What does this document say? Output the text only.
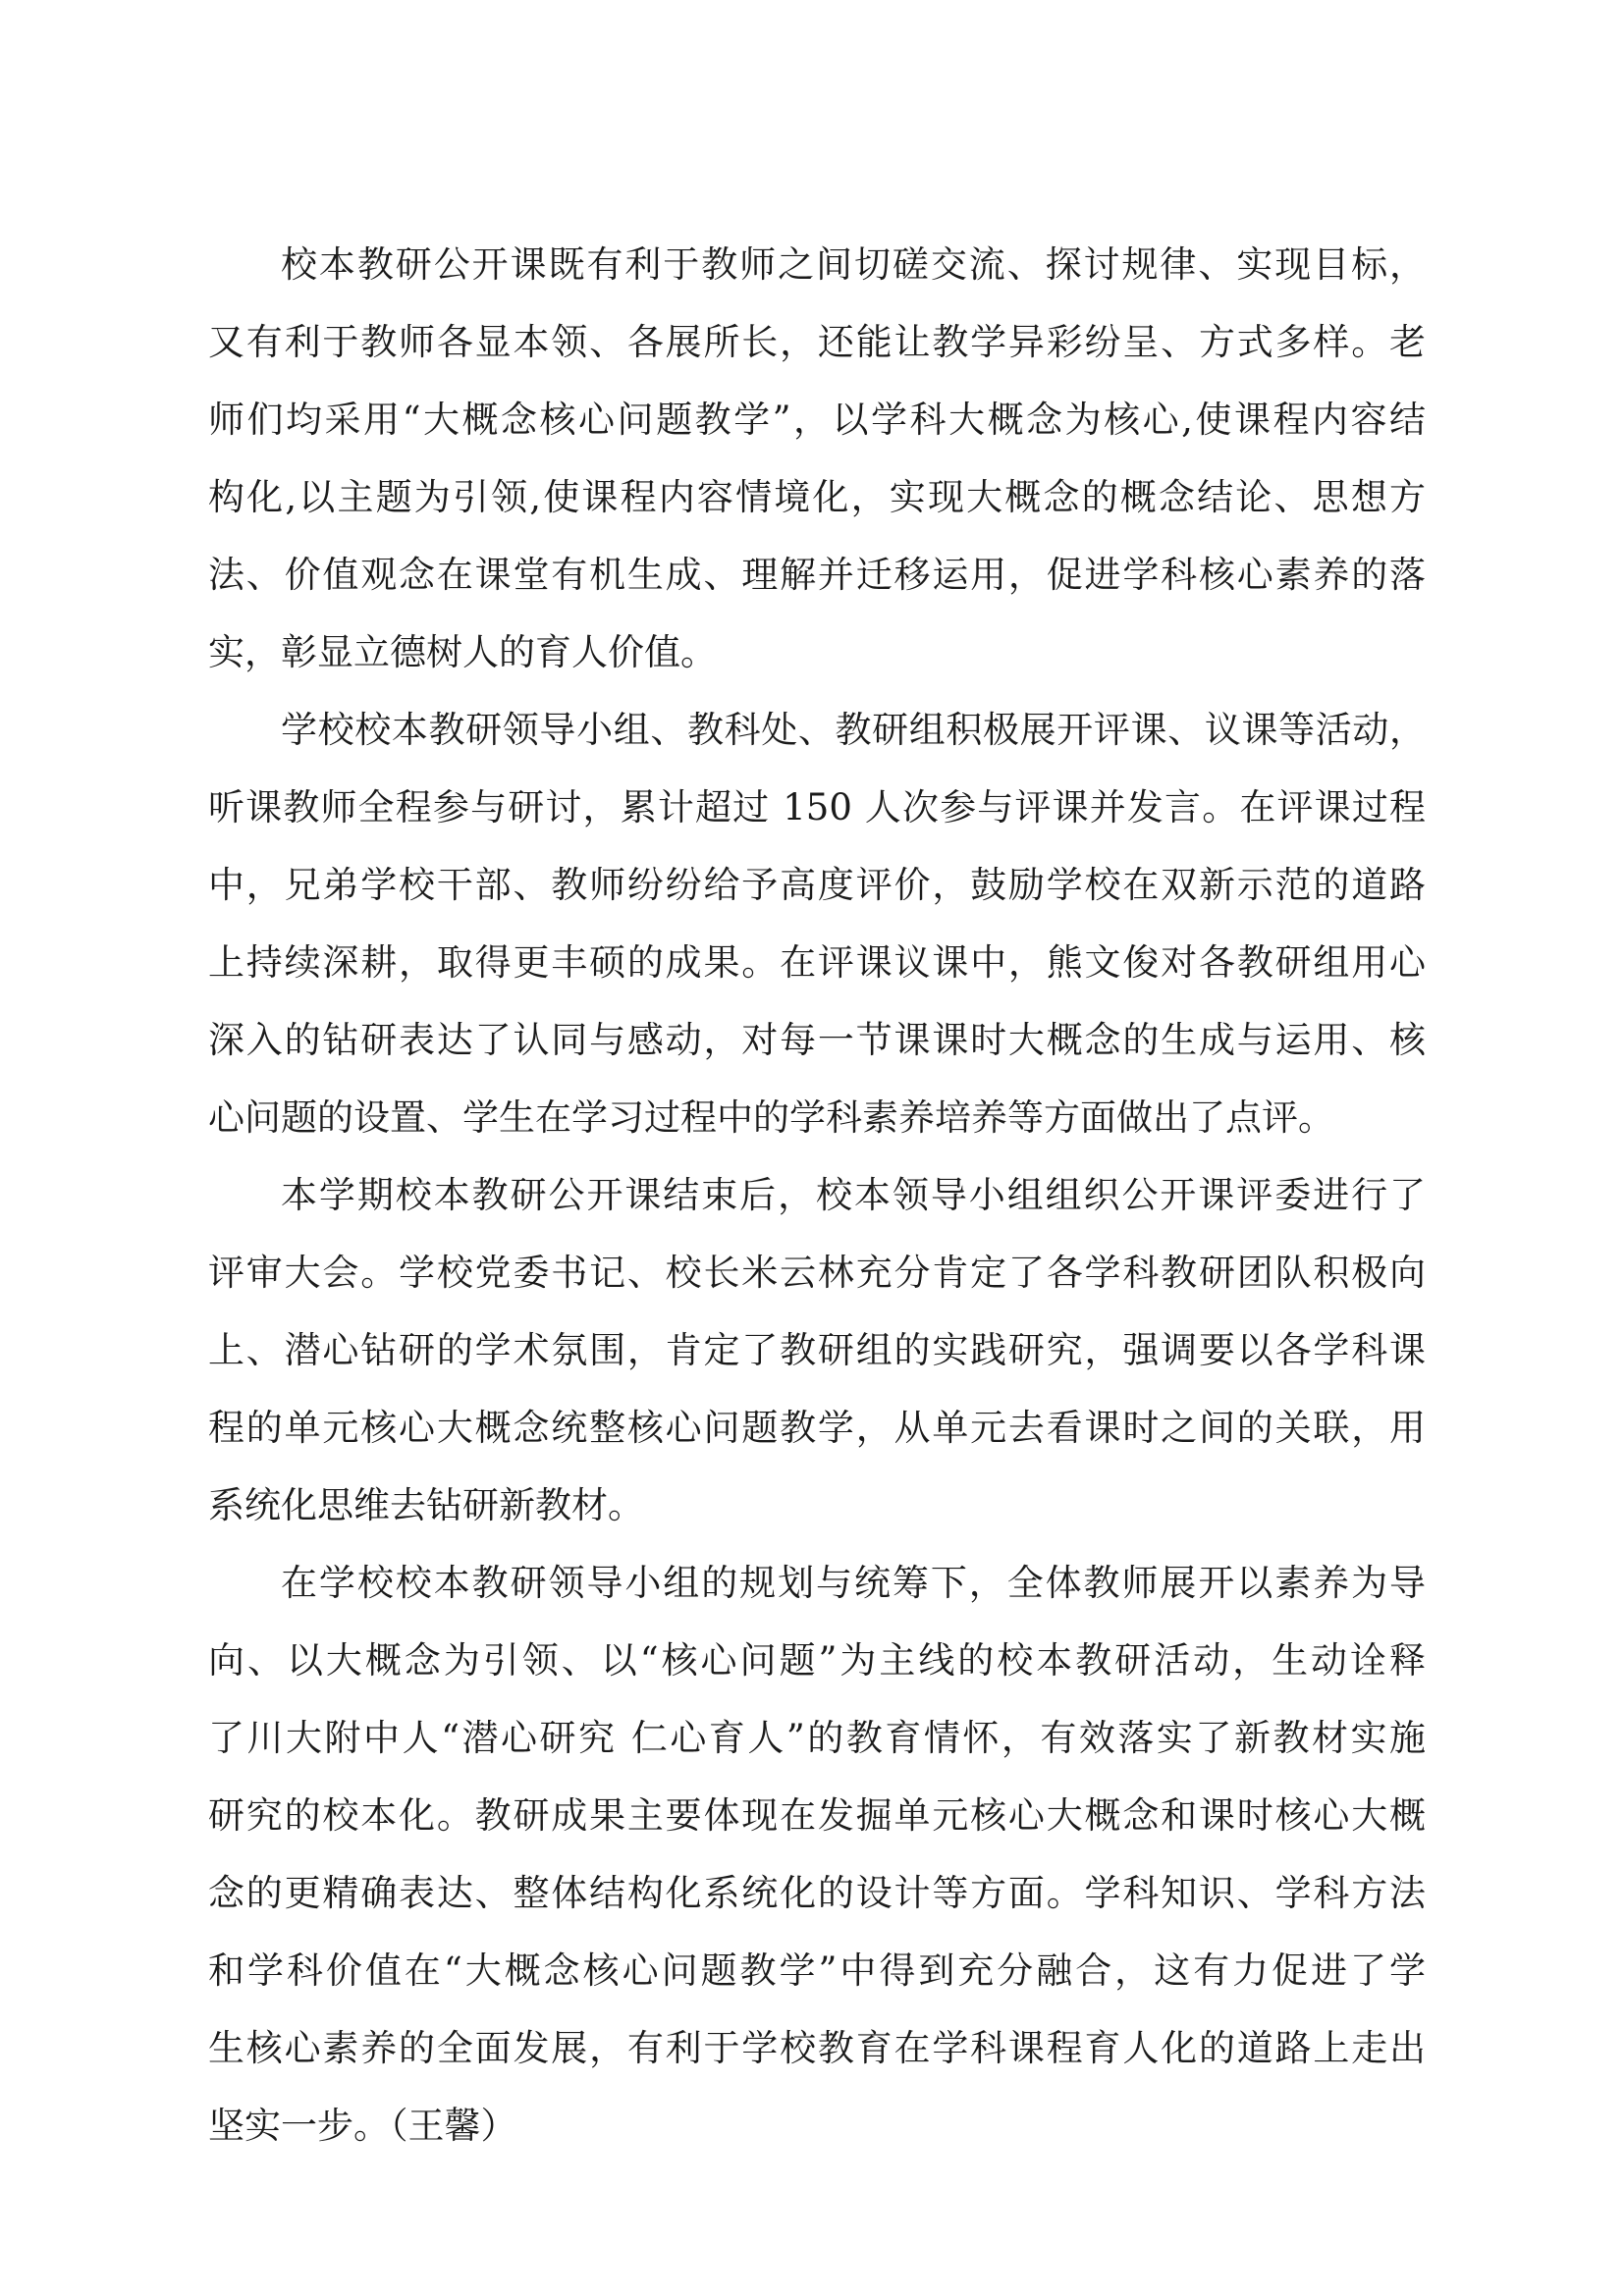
校本教研公开课既有利于教师之间切磋交流、探讨规律、实现目标，
又有利于教师各显本领、各展所长，还能让教学异彩纷呈、方式多样。老
师们均采用“大概念核心问题教学”，以学科大概念为核心,使课程内容结
构化,以主题为引领,使课程内容情境化，实现大概念的概念结论、思想方
法、价值观念在课堂有机生成、理解并迁移运用，促进学科核心素养的落
实，彰显立德树人的育人价值。

学校校本教研领导小组、教科处、教研组积极展开评课、议课等活动，
听课教师全程参与研讨，累计超过 150 人次参与评课并发言。在评课过程
中，兄弟学校干部、教师纷纷给予高度评价，鼓励学校在双新示范的道路
上持续深耕，取得更丰硕的成果。在评课议课中，熊文俊对各教研组用心
深入的钻研表达了认同与感动，对每一节课课时大概念的生成与运用、核
心问题的设置、学生在学习过程中的学科素养培养等方面做出了点评。

本学期校本教研公开课结束后，校本领导小组组织公开课评委进行了
评审大会。学校党委书记、校长米云林充分肯定了各学科教研团队积极向
上、潜心钻研的学术氛围，肯定了教研组的实践研究，强调要以各学科课
程的单元核心大概念统整核心问题教学，从单元去看课时之间的关联，用
系统化思维去钻研新教材。

在学校校本教研领导小组的规划与统筹下，全体教师展开以素养为导
向、以大概念为引领、以“核心问题”为主线的校本教研活动，生动诠释
了川大附中人“潜心研究 仁心育人”的教育情怀，有效落实了新教材实施
研究的校本化。教研成果主要体现在发掘单元核心大概念和课时核心大概
念的更精确表达、整体结构化系统化的设计等方面。学科知识、学科方法
和学科价值在“大概念核心问题教学”中得到充分融合，这有力促进了学
生核心素养的全面发展，有利于学校教育在学科课程育人化的道路上走出
坚实一步。（王馨）
